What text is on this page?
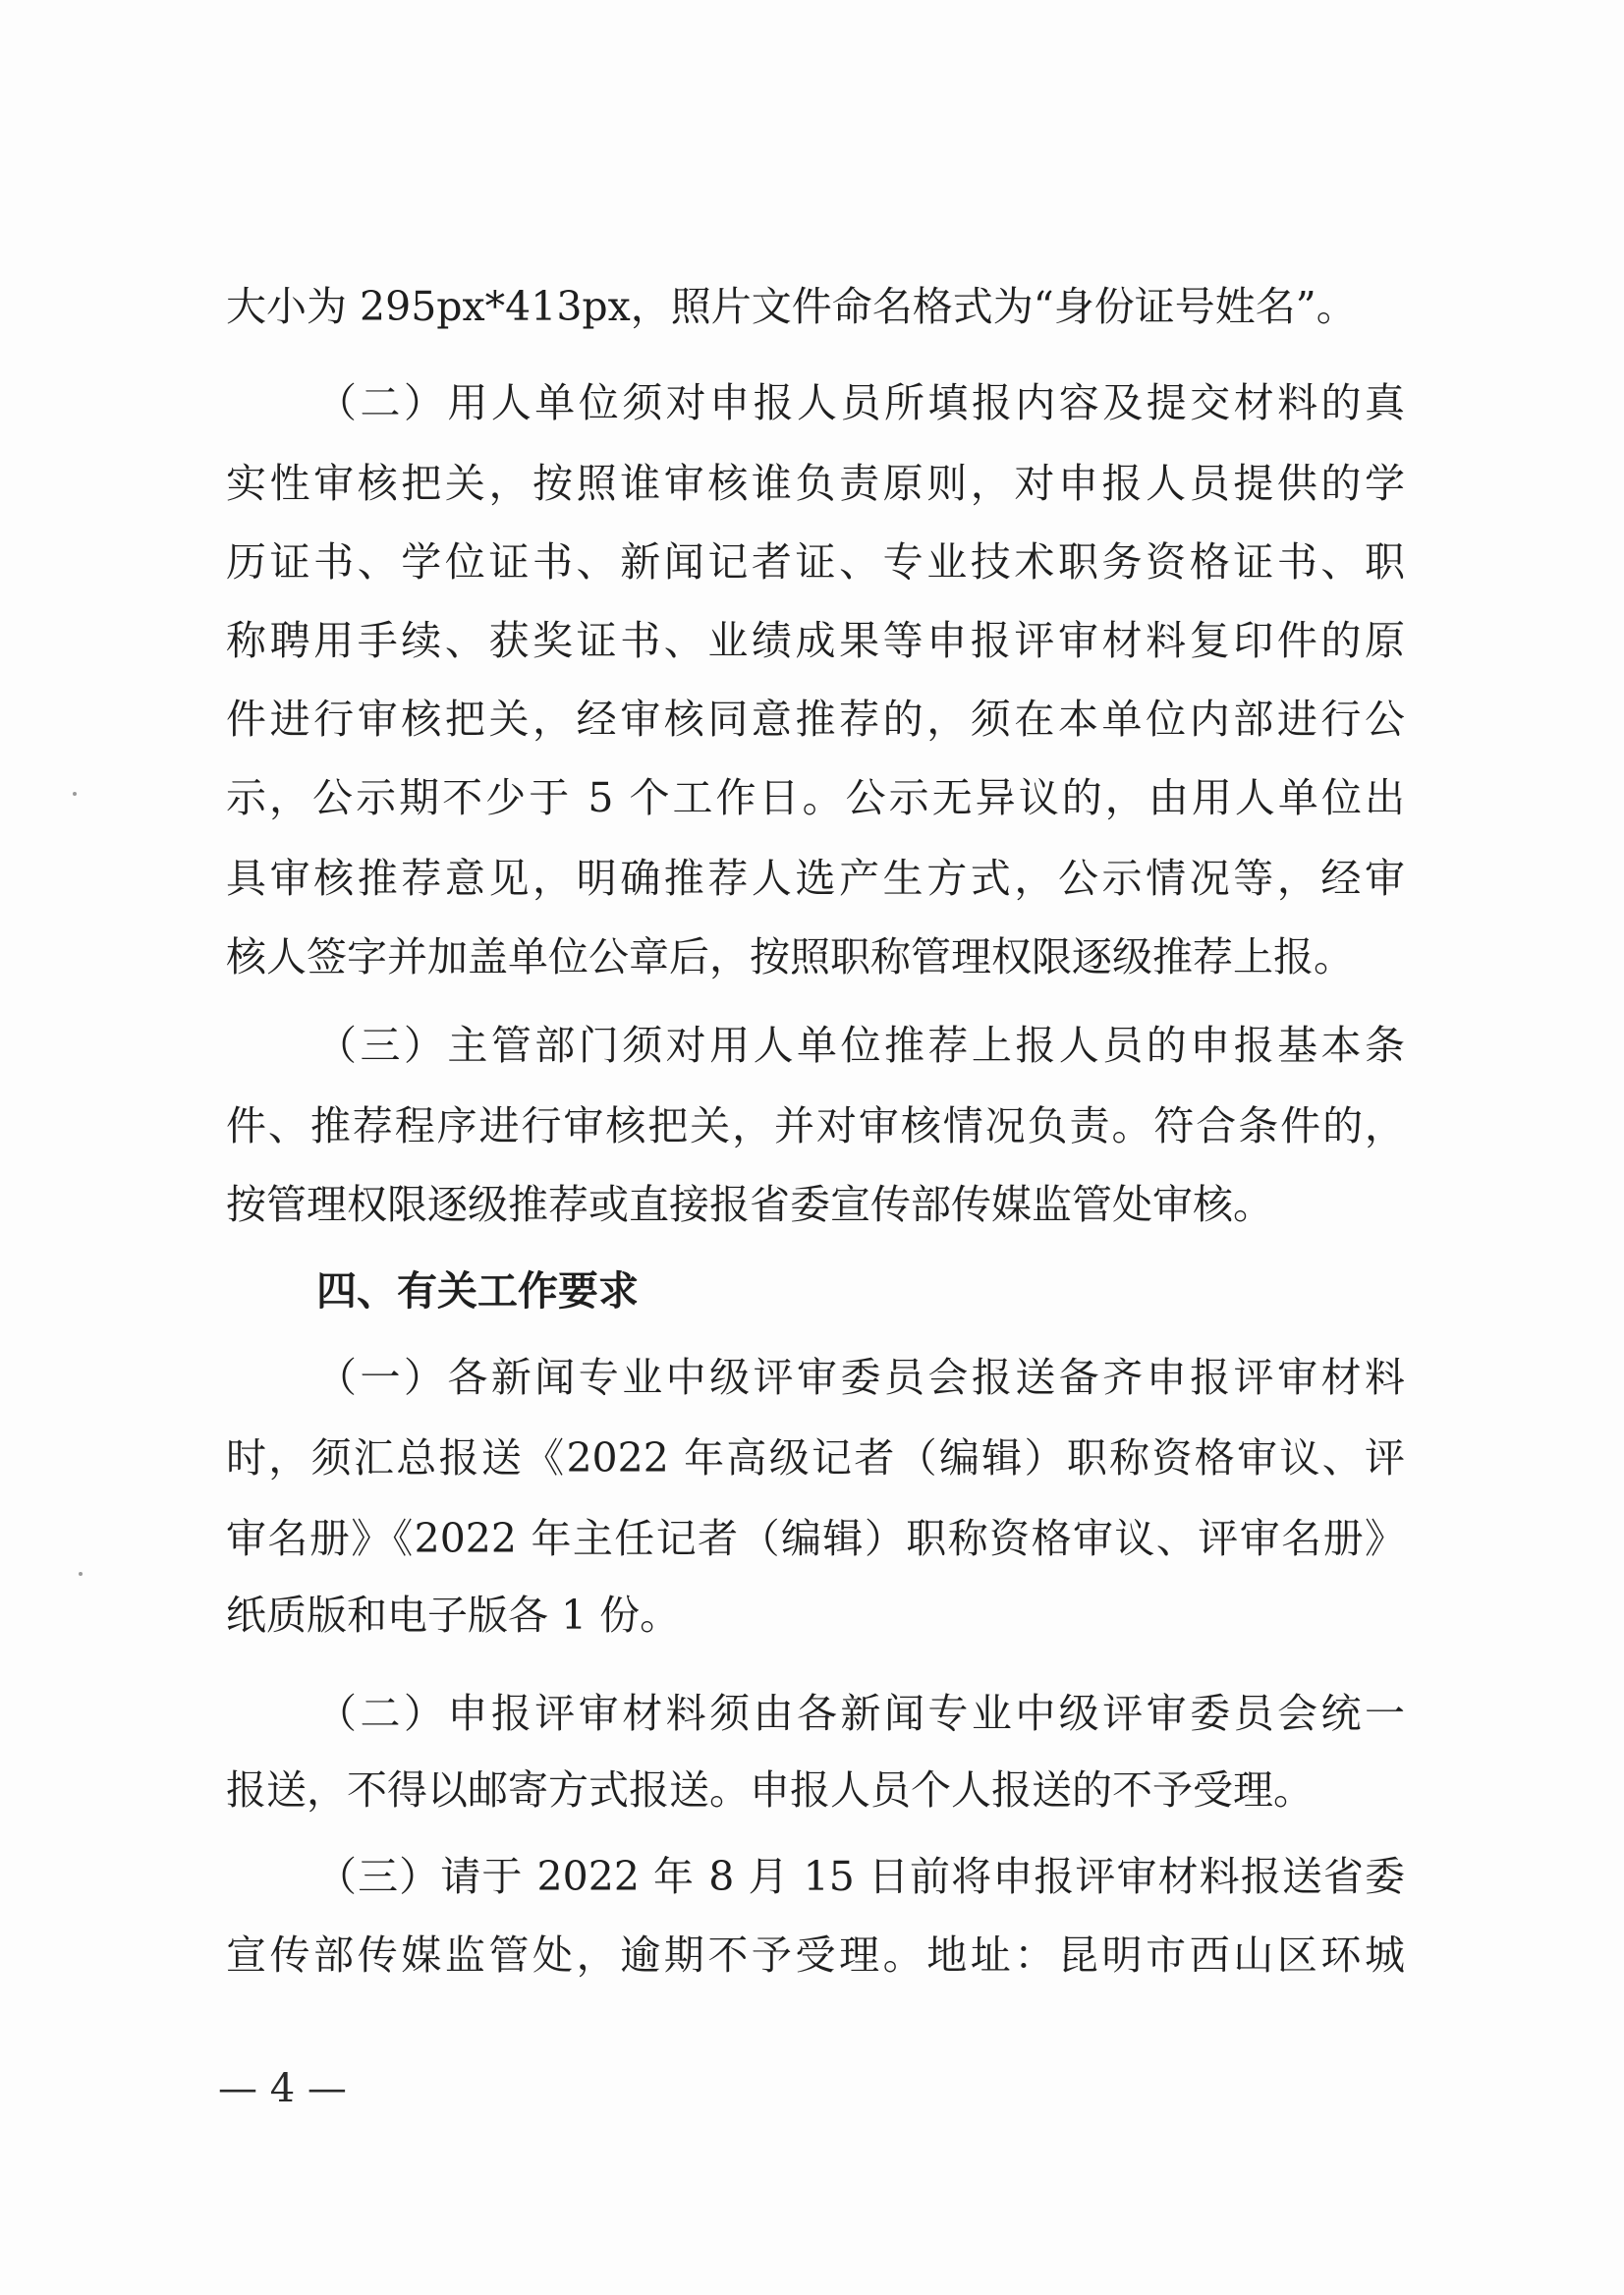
大小为 295px*413px，照片文件命名格式为“身份证号姓名”。
（二）用人单位须对申报人员所填报内容及提交材料的真
实性审核把关，按照谁审核谁负责原则，对申报人员提供的学
历证书、学位证书、新闻记者证、专业技术职务资格证书、职
称聘用手续、获奖证书、业绩成果等申报评审材料复印件的原
件进行审核把关，经审核同意推荐的，须在本单位内部进行公
示，公示期不少于 5 个工作日。公示无异议的，由用人单位出
具审核推荐意见，明确推荐人选产生方式，公示情况等，经审
核人签字并加盖单位公章后，按照职称管理权限逐级推荐上报。
（三）主管部门须对用人单位推荐上报人员的申报基本条
件、推荐程序进行审核把关，并对审核情况负责。符合条件的，
按管理权限逐级推荐或直接报省委宣传部传媒监管处审核。
四、有关工作要求
（一）各新闻专业中级评审委员会报送备齐申报评审材料
时，须汇总报送《2022 年高级记者（编辑）职称资格审议、评
审名册》《2022 年主任记者（编辑）职称资格审议、评审名册》
纸质版和电子版各 1 份。
（二）申报评审材料须由各新闻专业中级评审委员会统一
报送，不得以邮寄方式报送。申报人员个人报送的不予受理。
（三）请于 2022 年 8 月 15 日前将申报评审材料报送省委
宣传部传媒监管处，逾期不予受理。地址：昆明市西山区环城
— 4 —
